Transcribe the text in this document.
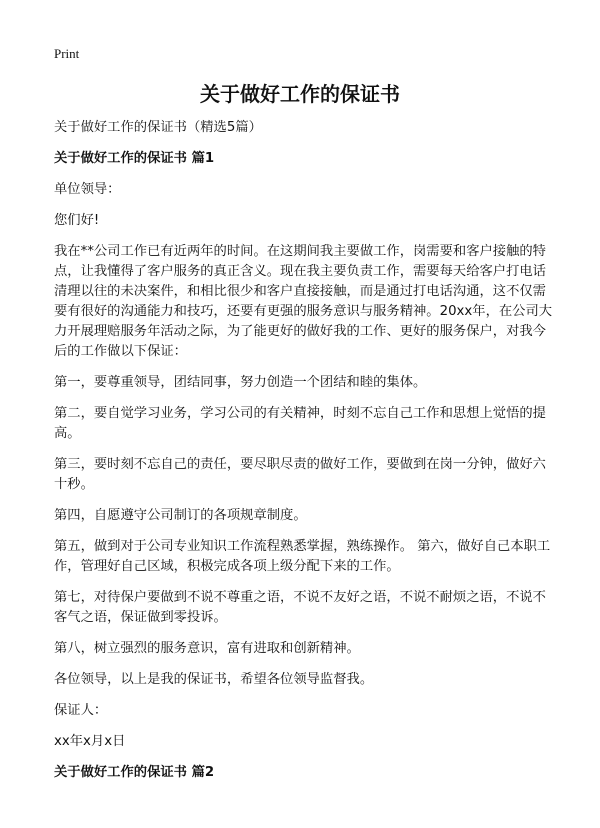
Print
关于做好工作的保证书

关于做好工作的保证书（精选5篇）

关于做好工作的保证书 篇1

单位领导：

您们好!

我在**公司工作已有近两年的时间。在这期间我主要做工作，岗需要和客户接触的特点，让我懂得了客户服务的真正含义。现在我主要负责工作，需要每天给客户打电话清理以往的未决案件，和相比很少和客户直接接触，而是通过打电话沟通，这不仅需要有很好的沟通能力和技巧，还要有更强的服务意识与服务精神。20xx年，在公司大力开展理赔服务年活动之际，为了能更好的做好我的工作、更好的服务保户，对我今后的工作做以下保证：

第一，要尊重领导，团结同事，努力创造一个团结和睦的集体。

第二，要自觉学习业务，学习公司的有关精神，时刻不忘自己工作和思想上觉悟的提高。

第三，要时刻不忘自己的责任，要尽职尽责的做好工作，要做到在岗一分钟，做好六十秒。

第四，自愿遵守公司制订的各项规章制度。

第五，做到对于公司专业知识工作流程熟悉掌握，熟练操作。 第六，做好自己本职工作，管理好自己区域，积极完成各项上级分配下来的工作。

第七，对待保户要做到不说不尊重之语，不说不友好之语，不说不耐烦之语，不说不客气之语，保证做到零投诉。

第八，树立强烈的服务意识，富有进取和创新精神。

各位领导，以上是我的保证书，希望各位领导监督我。

保证人：

xx年x月x日

关于做好工作的保证书 篇2
